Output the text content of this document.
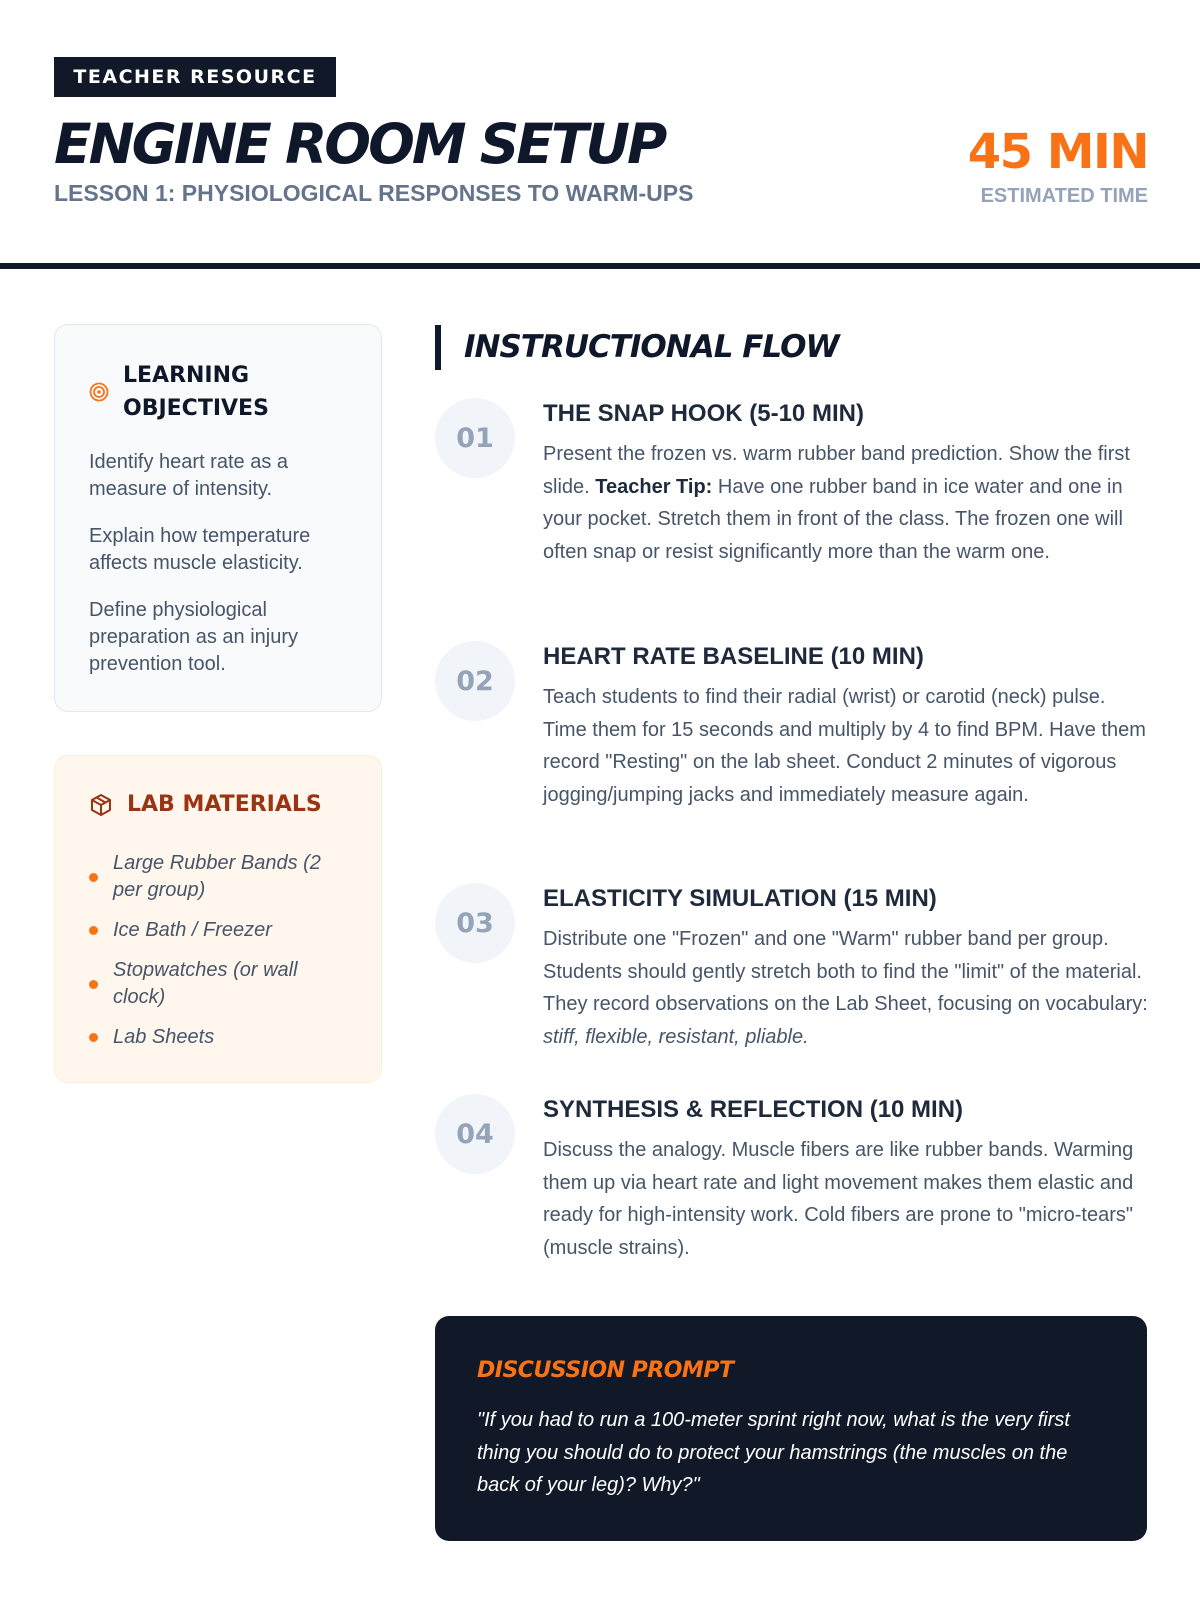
TEACHER RESOURCE
ENGINE ROOM SETUP
LESSON 1: PHYSIOLOGICAL RESPONSES TO WARM-UPS
45 MIN
ESTIMATED TIME
LEARNING
OBJECTIVES
Identify heart rate as a measure of intensity.
Explain how temperature affects muscle elasticity.
Define physiological preparation as an injury prevention tool.
LAB MATERIALS
Large Rubber Bands (2 per group)
Ice Bath / Freezer
Stopwatches (or wall clock)
Lab Sheets
INSTRUCTIONAL FLOW
01
THE SNAP HOOK (5-10 MIN)
Present the frozen vs. warm rubber band prediction. Show the first slide. Teacher Tip: Have one rubber band in ice water and one in your pocket. Stretch them in front of the class. The frozen one will often snap or resist significantly more than the warm one.
02
HEART RATE BASELINE (10 MIN)
Teach students to find their radial (wrist) or carotid (neck) pulse. Time them for 15 seconds and multiply by 4 to find BPM. Have them record "Resting" on the lab sheet. Conduct 2 minutes of vigorous jogging/jumping jacks and immediately measure again.
03
ELASTICITY SIMULATION (15 MIN)
Distribute one "Frozen" and one "Warm" rubber band per group. Students should gently stretch both to find the "limit" of the material. They record observations on the Lab Sheet, focusing on vocabulary: stiff, flexible, resistant, pliable.
04
SYNTHESIS & REFLECTION (10 MIN)
Discuss the analogy. Muscle fibers are like rubber bands. Warming them up via heart rate and light movement makes them elastic and ready for high-intensity work. Cold fibers are prone to "micro-tears" (muscle strains).
DISCUSSION PROMPT
"If you had to run a 100-meter sprint right now, what is the very first thing you should do to protect your hamstrings (the muscles on the back of your leg)? Why?"
